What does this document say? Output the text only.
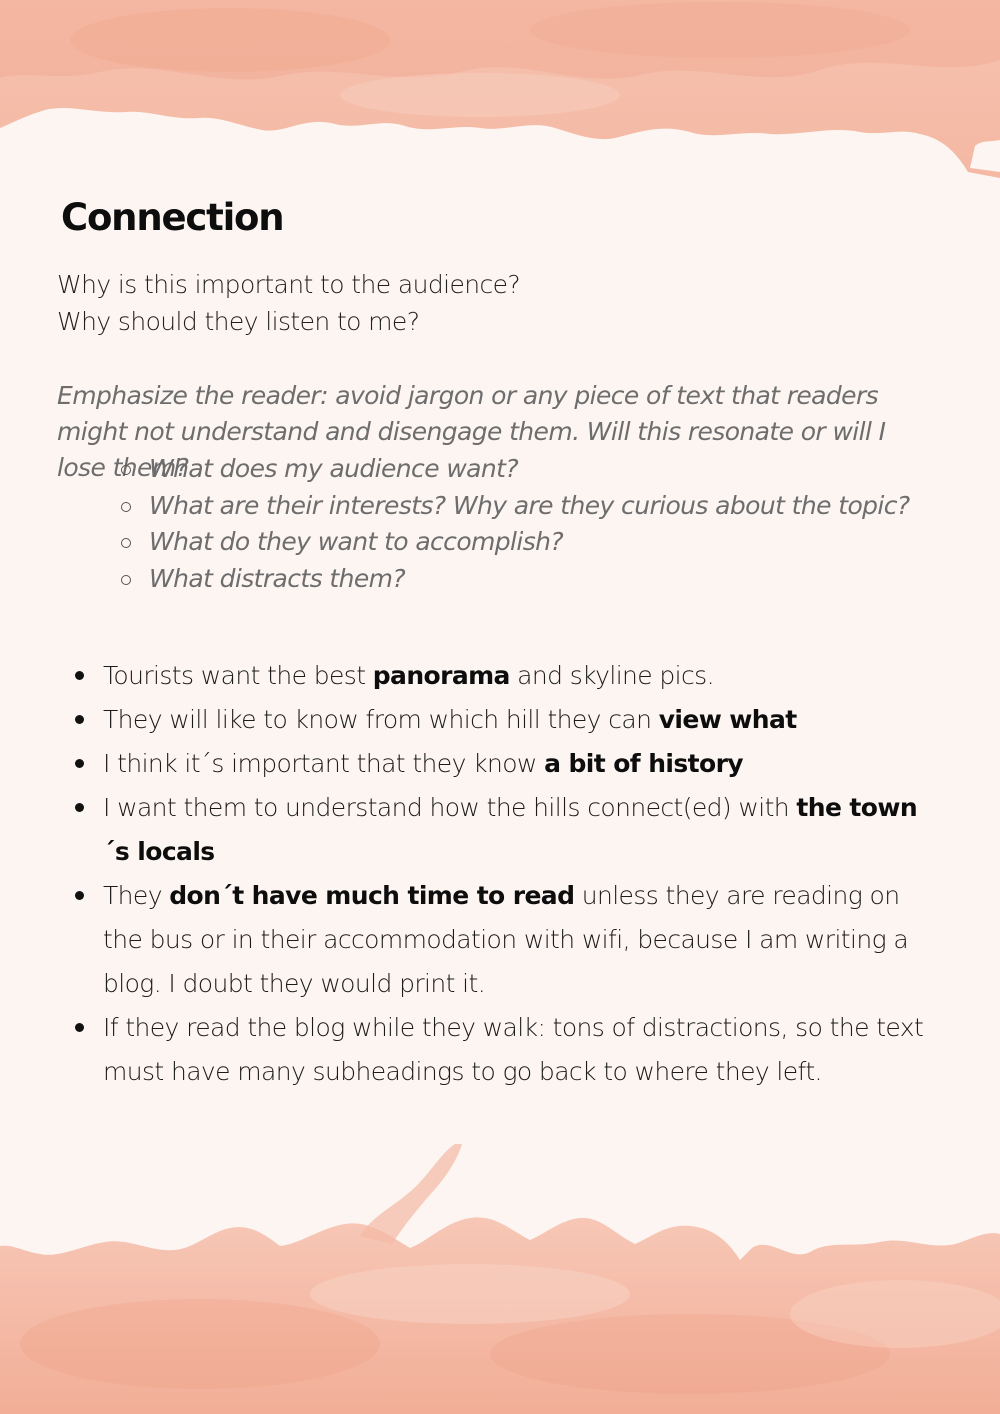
Connection

Why is this important to the audience?

Why should they listen to me?

Emphasize the reader: avoid jargon or any piece of text that readers might not understand and disengage them. Will this resonate or will I lose them?

What does my audience want?
What are their interests? Why are they curious about the topic?
What do they want to accomplish?
What distracts them?
Tourists want the best panorama and skyline pics.
They will like to know from which hill they can view what
I think it´s important that they know a bit of history
I want them to understand how the hills connect(ed) with the town ´s locals
They don´t have much time to read unless they are reading on the bus or in their accommodation with wifi, because I am writing a blog. I doubt they would print it.
If they read the blog while they walk: tons of distractions, so the text must have many subheadings to go back to where they left.
